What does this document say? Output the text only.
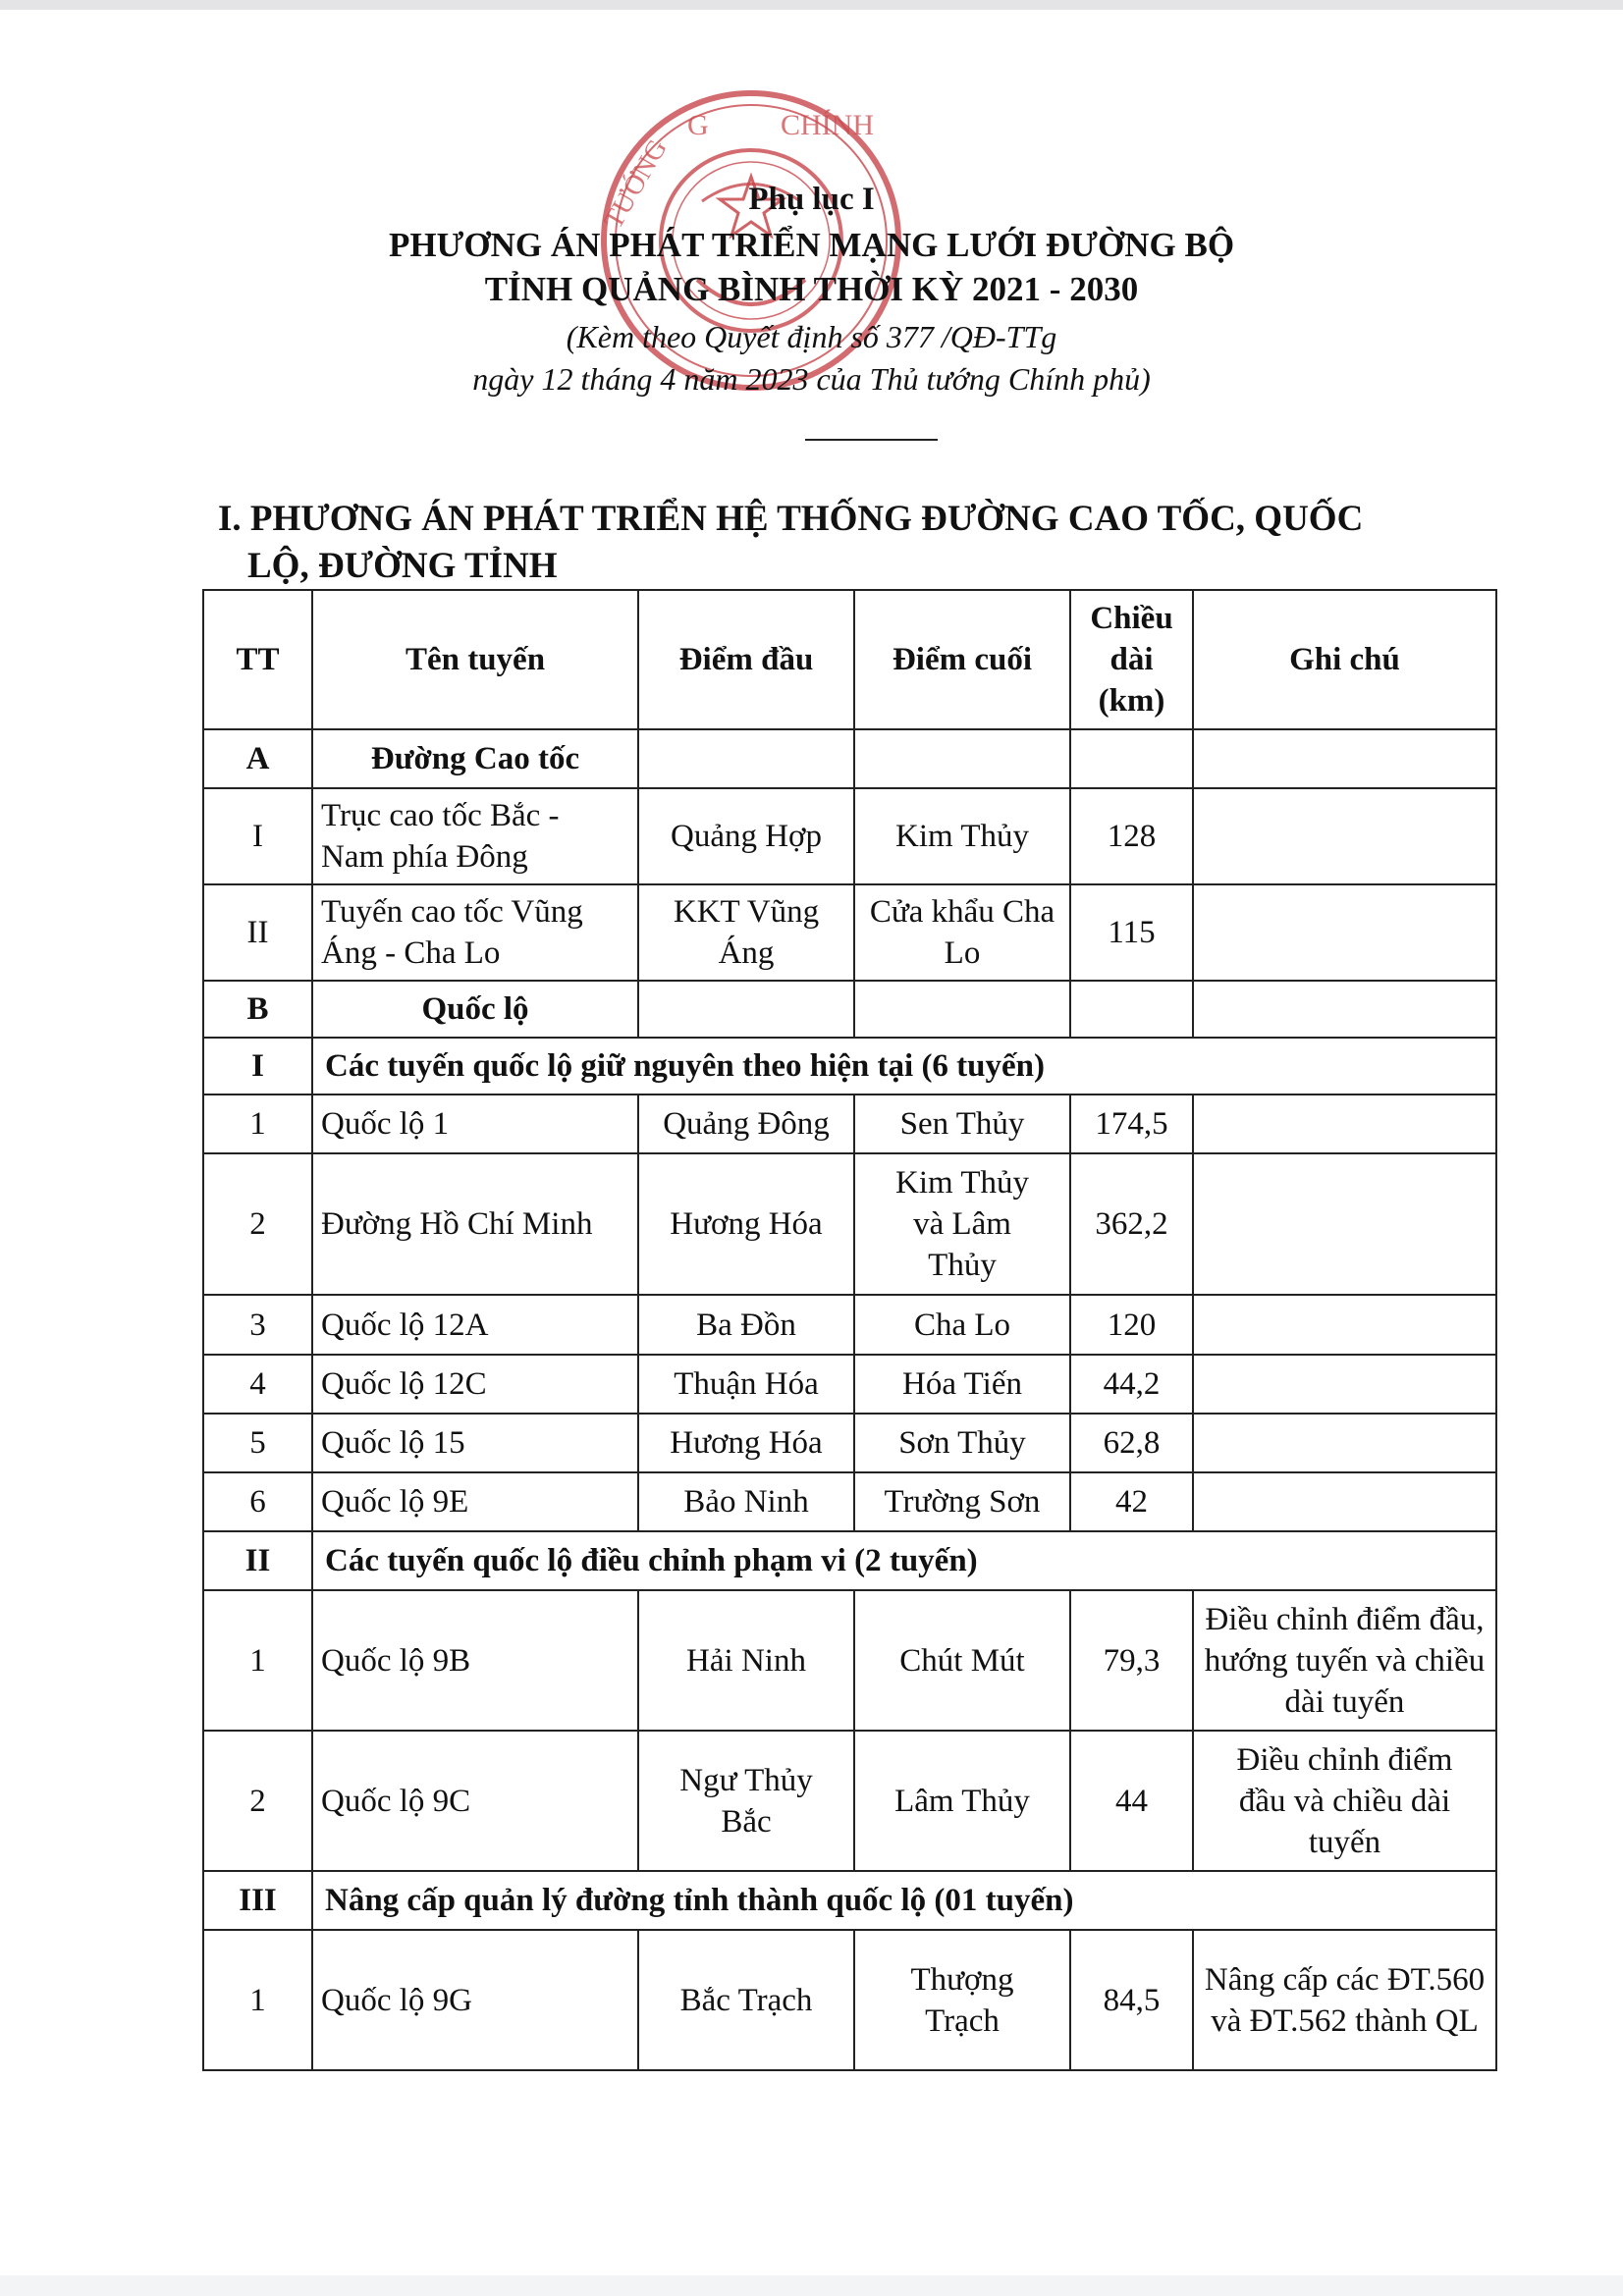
CHÍNH
TƯỚNG
G
Phụ lục I
PHƯƠNG ÁN PHÁT TRIỂN MẠNG LƯỚI ĐƯỜNG BỘ
TỈNH QUẢNG BÌNH THỜI KỲ 2021 - 2030
(Kèm theo Quyết định số 377 /QĐ-TTg
ngày 12 tháng 4 năm 2023 của Thủ tướng Chính phủ)
I. PHƯƠNG ÁN PHÁT TRIỂN HỆ THỐNG ĐƯỜNG CAO TỐC, QUỐC
LỘ, ĐƯỜNG TỈNH
TT	Tên tuyến	Điểm đầu	Điểm cuối	Chiều dài (km)	Ghi chú
A	Đường Cao tốc				
I	Trục cao tốc Bắc - Nam phía Đông	Quảng Hợp	Kim Thủy	128	
II	Tuyến cao tốc Vũng Áng - Cha Lo	KKT Vũng Áng	Cửa khẩu Cha Lo	115	
B	Quốc lộ				
I	Các tuyến quốc lộ giữ nguyên theo hiện tại (6 tuyến)				
1	Quốc lộ 1	Quảng Đông	Sen Thủy	174,5	
2	Đường Hồ Chí Minh	Hương Hóa	Kim Thủy và Lâm Thủy	362,2	
3	Quốc lộ 12A	Ba Đồn	Cha Lo	120	
4	Quốc lộ 12C	Thuận Hóa	Hóa Tiến	44,2	
5	Quốc lộ 15	Hương Hóa	Sơn Thủy	62,8	
6	Quốc lộ 9E	Bảo Ninh	Trường Sơn	42	
II	Các tuyến quốc lộ điều chỉnh phạm vi (2 tuyến)				
1	Quốc lộ 9B	Hải Ninh	Chút Mút	79,3	Điều chỉnh điểm đầu, hướng tuyến và chiều dài tuyến
2	Quốc lộ 9C	Ngư Thủy Bắc	Lâm Thủy	44	Điều chỉnh điểm đầu và chiều dài tuyến
III	Nâng cấp quản lý đường tỉnh thành quốc lộ (01 tuyến)				
1	Quốc lộ 9G	Bắc Trạch	Thượng Trạch	84,5	Nâng cấp các ĐT.560 và ĐT.562 thành QL
